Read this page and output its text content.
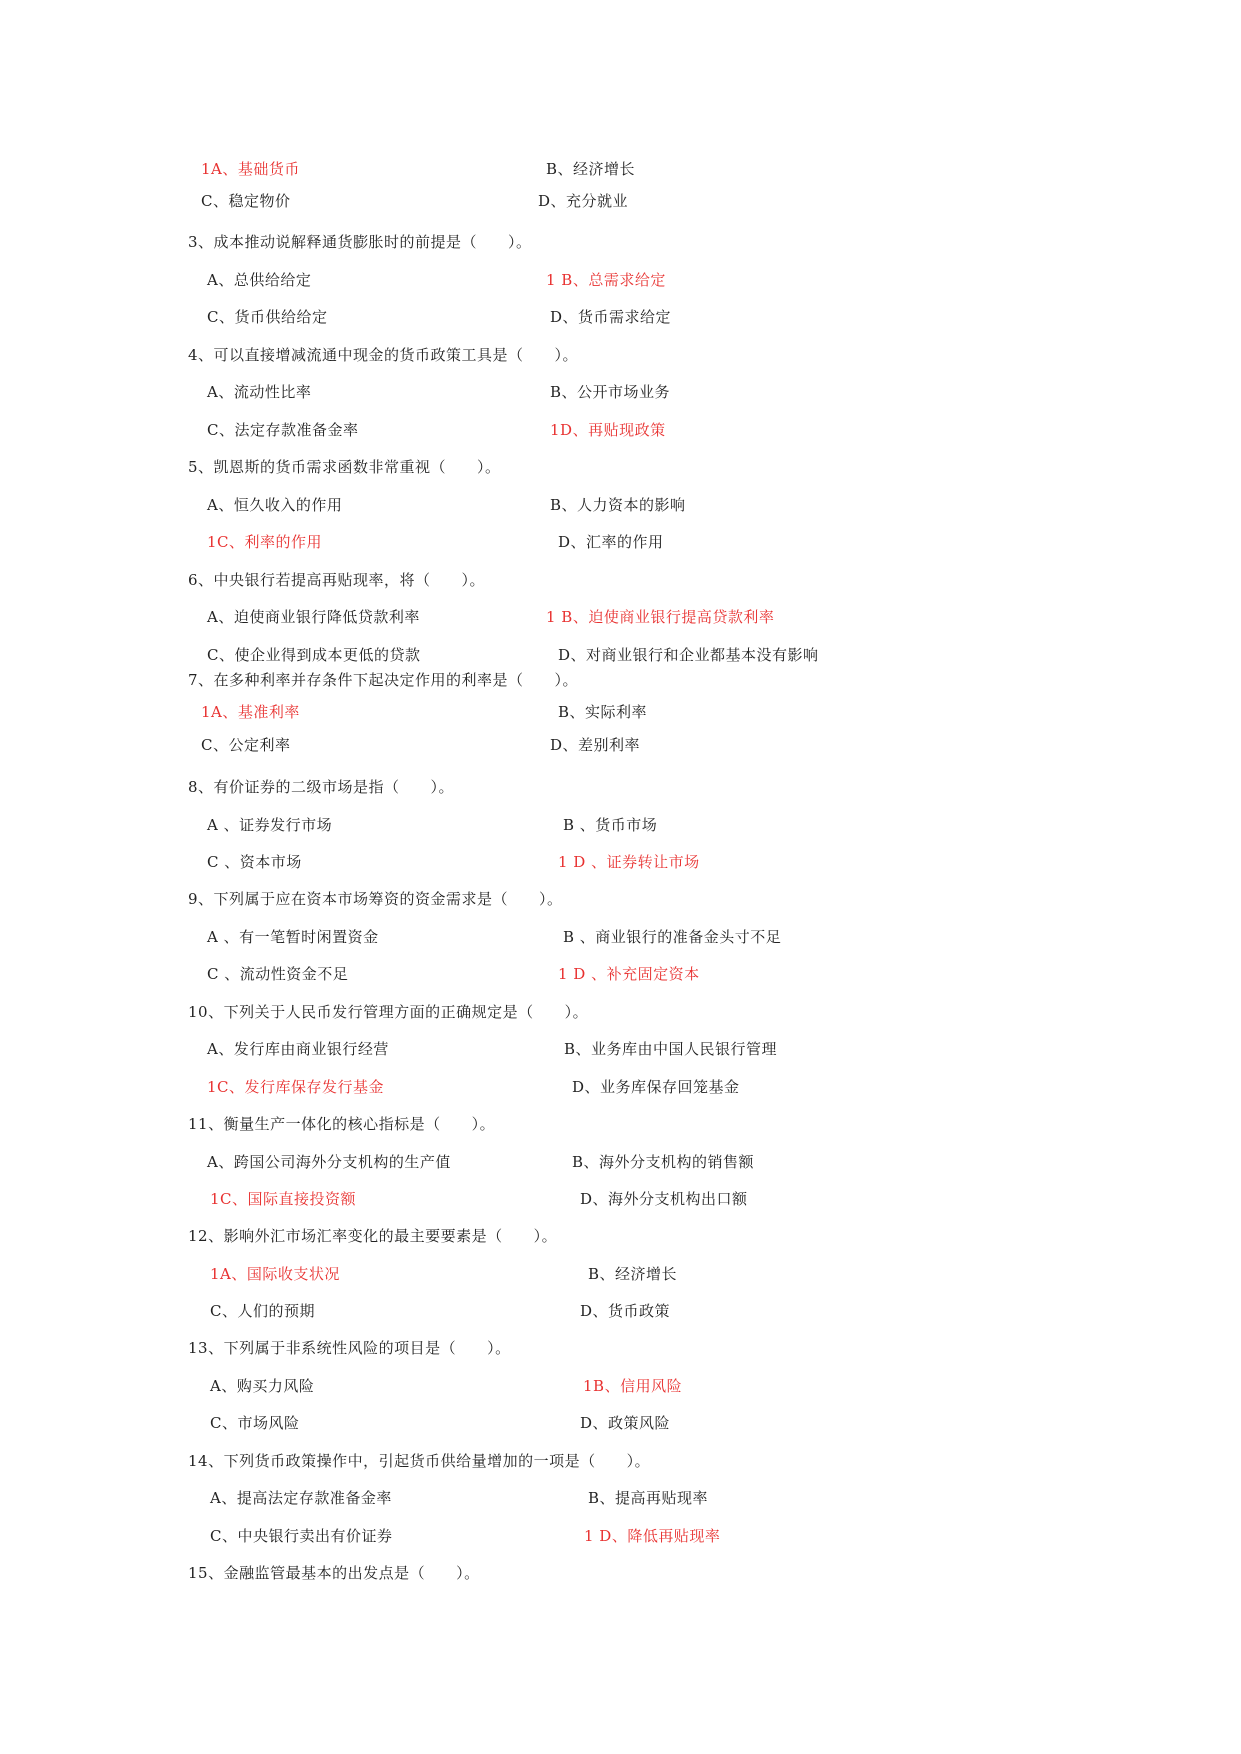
1A、基础货币	B、经济增长
C、稳定物价	D、充分就业
3、成本推动说解释通货膨胀时的前提是（　　）。
A、总供给给定	1 B、总需求给定
C、货币供给给定	D、货币需求给定
4、可以直接增减流通中现金的货币政策工具是（　　）。
A、流动性比率	B、公开市场业务
C、法定存款准备金率	1D、再贴现政策
5、凯恩斯的货币需求函数非常重视（　　）。
A、恒久收入的作用	B、人力资本的影响
1C、利率的作用	D、汇率的作用
6、中央银行若提高再贴现率，将（　　）。
A、迫使商业银行降低贷款利率	1 B、迫使商业银行提高贷款利率
C、使企业得到成本更低的贷款	D、对商业银行和企业都基本没有影响
7、在多种利率并存条件下起决定作用的利率是（　　）。
1A、基准利率	B、实际利率
C、公定利率	D、差别利率
8、有价证券的二级市场是指（　　）。
A 、证券发行市场	B 、货币市场
C 、资本市场	1 D 、证券转让市场
9、下列属于应在资本市场筹资的资金需求是（　　）。
A 、有一笔暂时闲置资金	B 、商业银行的准备金头寸不足
C 、流动性资金不足	1 D 、补充固定资本
10、下列关于人民币发行管理方面的正确规定是（　　）。
A、发行库由商业银行经营	B、业务库由中国人民银行管理
1C、发行库保存发行基金	D、业务库保存回笼基金
11、衡量生产一体化的核心指标是（　　）。
A、跨国公司海外分支机构的生产值	B、海外分支机构的销售额
1C、国际直接投资额	D、海外分支机构出口额
12、影响外汇市场汇率变化的最主要要素是（　　）。
1A、国际收支状况	B、经济增长
C、人们的预期	D、货币政策
13、下列属于非系统性风险的项目是（　　）。
A、购买力风险	1B、信用风险
C、市场风险	D、政策风险
14、下列货币政策操作中，引起货币供给量增加的一项是（　　）。
A、提高法定存款准备金率	B、提高再贴现率
C、中央银行卖出有价证券	1 D、降低再贴现率
15、金融监管最基本的出发点是（　　）。
